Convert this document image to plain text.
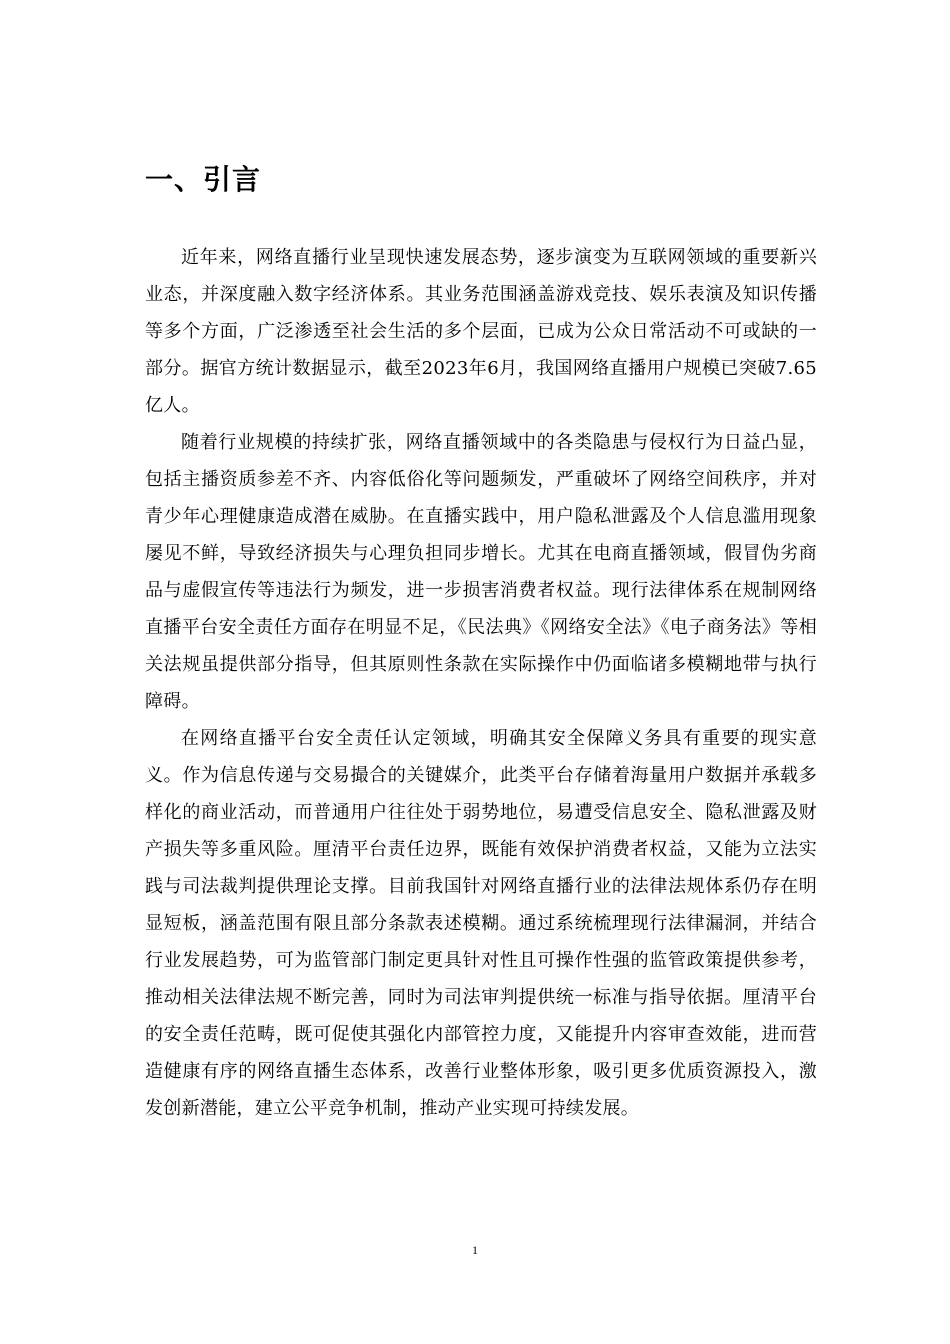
一、引言

近年来，网络直播行业呈现快速发展态势，逐步演变为互联网领域的重要新兴业态，并深度融入数字经济体系。其业务范围涵盖游戏竞技、娱乐表演及知识传播等多个方面，广泛渗透至社会生活的多个层面，已成为公众日常活动不可或缺的一部分。据官方统计数据显示，截至2023年6月，我国网络直播用户规模已突破7.65亿人。

随着行业规模的持续扩张，网络直播领域中的各类隐患与侵权行为日益凸显，包括主播资质参差不齐、内容低俗化等问题频发，严重破坏了网络空间秩序，并对青少年心理健康造成潜在威胁。在直播实践中，用户隐私泄露及个人信息滥用现象屡见不鲜，导致经济损失与心理负担同步增长。尤其在电商直播领域，假冒伪劣商品与虚假宣传等违法行为频发，进一步损害消费者权益。现行法律体系在规制网络直播平台安全责任方面存在明显不足，《民法典》《网络安全法》《电子商务法》等相关法规虽提供部分指导，但其原则性条款在实际操作中仍面临诸多模糊地带与执行障碍。

在网络直播平台安全责任认定领域，明确其安全保障义务具有重要的现实意义。作为信息传递与交易撮合的关键媒介，此类平台存储着海量用户数据并承载多样化的商业活动，而普通用户往往处于弱势地位，易遭受信息安全、隐私泄露及财产损失等多重风险。厘清平台责任边界，既能有效保护消费者权益，又能为立法实践与司法裁判提供理论支撑。目前我国针对网络直播行业的法律法规体系仍存在明显短板，涵盖范围有限且部分条款表述模糊。通过系统梳理现行法律漏洞，并结合行业发展趋势，可为监管部门制定更具针对性且可操作性强的监管政策提供参考，推动相关法律法规不断完善，同时为司法审判提供统一标准与指导依据。厘清平台的安全责任范畴，既可促使其强化内部管控力度，又能提升内容审查效能，进而营造健康有序的网络直播生态体系，改善行业整体形象，吸引更多优质资源投入，激发创新潜能，建立公平竞争机制，推动产业实现可持续发展。

1
